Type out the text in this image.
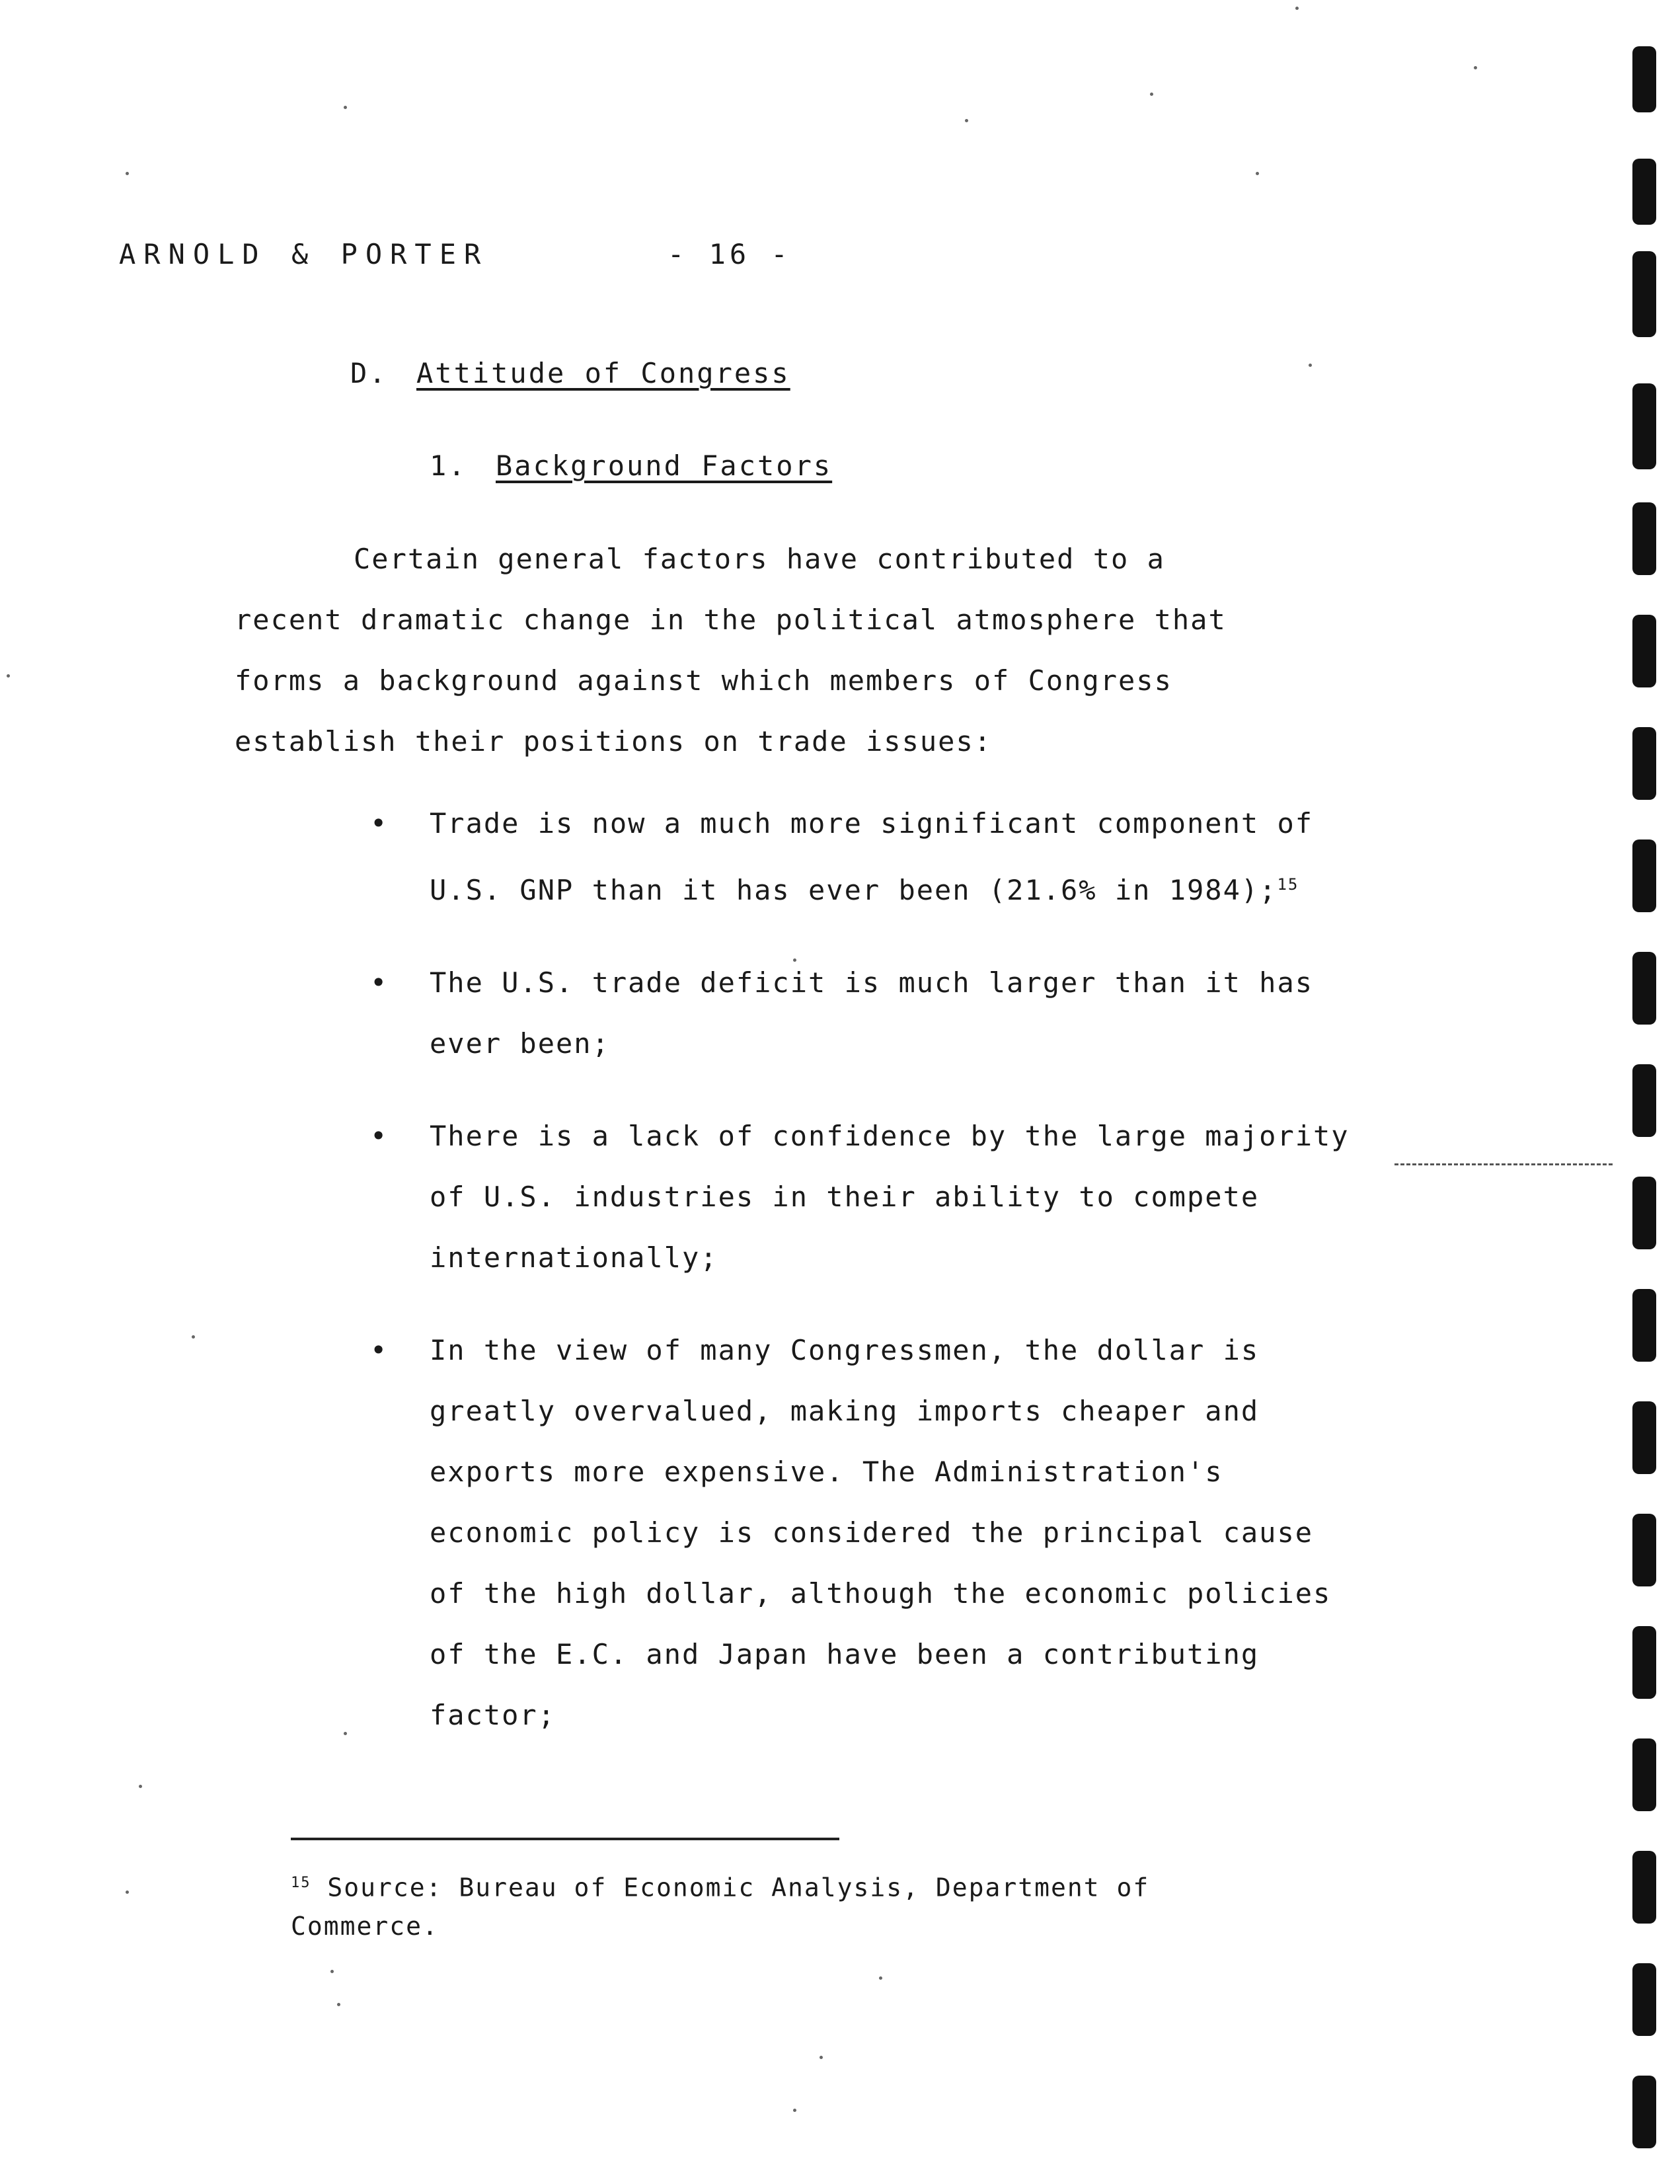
ARNOLD & PORTER	- 16 -
D. Attitude of Congress
1. Background Factors

Certain general factors have contributed to a recent dramatic change in the political atmosphere that forms a background against which members of Congress establish their positions on trade issues:

• Trade is now a much more significant component of U.S. GNP than it has ever been (21.6% in 1984);$^{15}$
• The U.S. trade deficit is much larger than it has ever been;
• There is a lack of confidence by the large majority of U.S. industries in their ability to compete internationally;
• In the view of many Congressmen, the dollar is greatly overvalued, making imports cheaper and exports more expensive. The Administration's economic policy is considered the principal cause of the high dollar, although the economic policies of the E.C. and Japan have been a contributing factor;
$^{15}$ Source: Bureau of Economic Analysis, Department of Commerce.
